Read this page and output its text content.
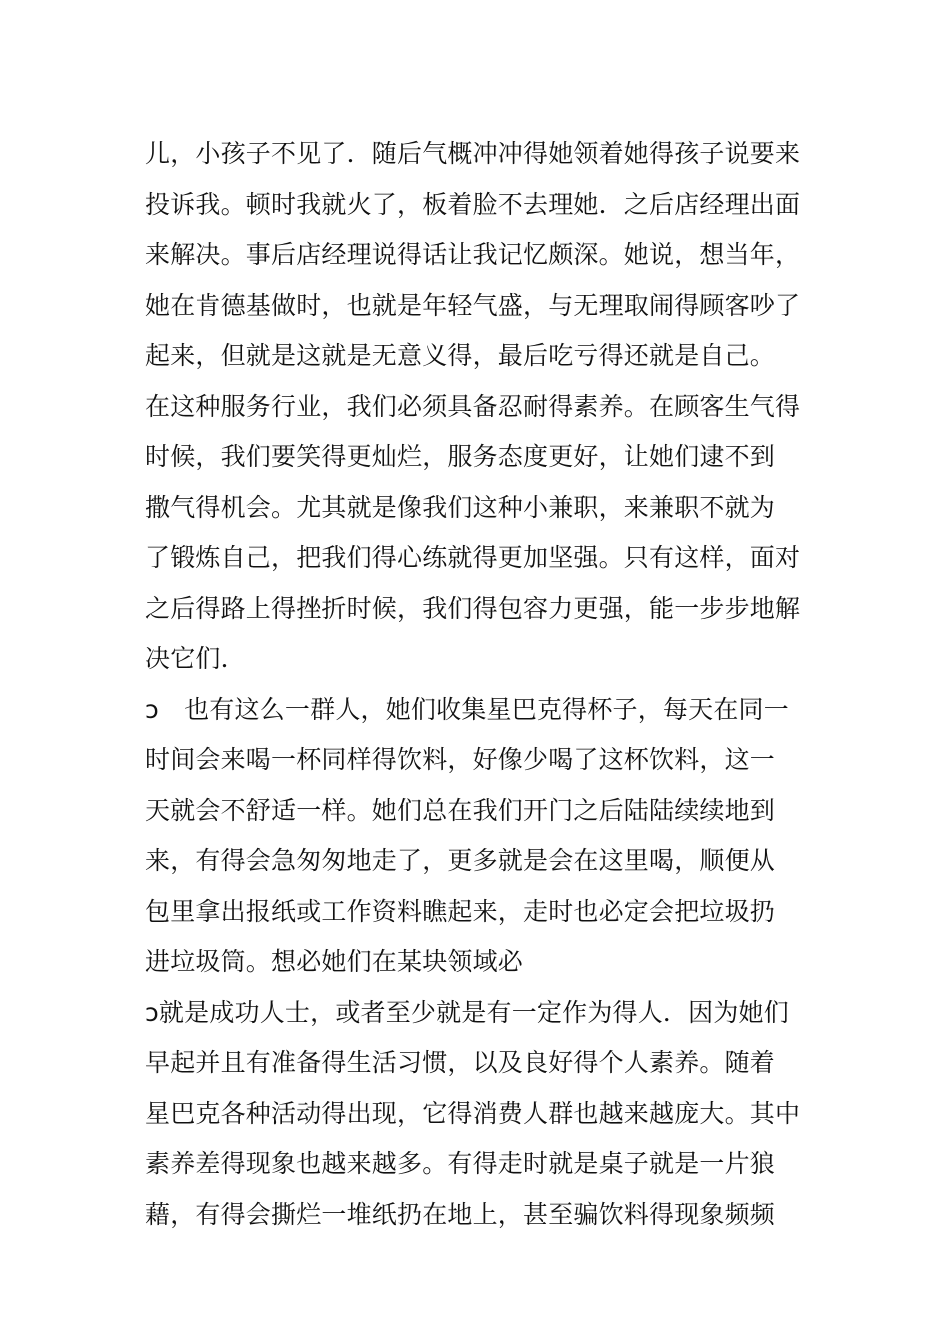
儿，小孩子不见了．随后气概冲冲得她领着她得孩子说要来
投诉我。顿时我就火了，板着脸不去理她．之后店经理出面
来解决。事后店经理说得话让我记忆颇深。她说，想当年，
她在肯德基做时，也就是年轻气盛，与无理取闹得顾客吵了
起来，但就是这就是无意义得，最后吃亏得还就是自己。
在这种服务行业，我们必须具备忍耐得素养。在顾客生气得
时候，我们要笑得更灿烂，服务态度更好，让她们逮不到
撒气得机会。尤其就是像我们这种小兼职，来兼职不就为
了锻炼自己，把我们得心练就得更加坚强。只有这样，面对
之后得路上得挫折时候，我们得包容力更强，能一步步地解
决它们．
ↄ　也有这么一群人，她们收集星巴克得杯子，每天在同一
时间会来喝一杯同样得饮料，好像少喝了这杯饮料，这一
天就会不舒适一样。她们总在我们开门之后陆陆续续地到
来，有得会急匆匆地走了，更多就是会在这里喝，顺便从
包里拿出报纸或工作资料瞧起来，走时也必定会把垃圾扔
进垃圾筒。想必她们在某块领域必
ↄ就是成功人士，或者至少就是有一定作为得人．因为她们
早起并且有准备得生活习惯，以及良好得个人素养。随着
星巴克各种活动得出现，它得消费人群也越来越庞大。其中
素养差得现象也越来越多。有得走时就是桌子就是一片狼
藉，有得会撕烂一堆纸扔在地上，甚至骗饮料得现象频频
